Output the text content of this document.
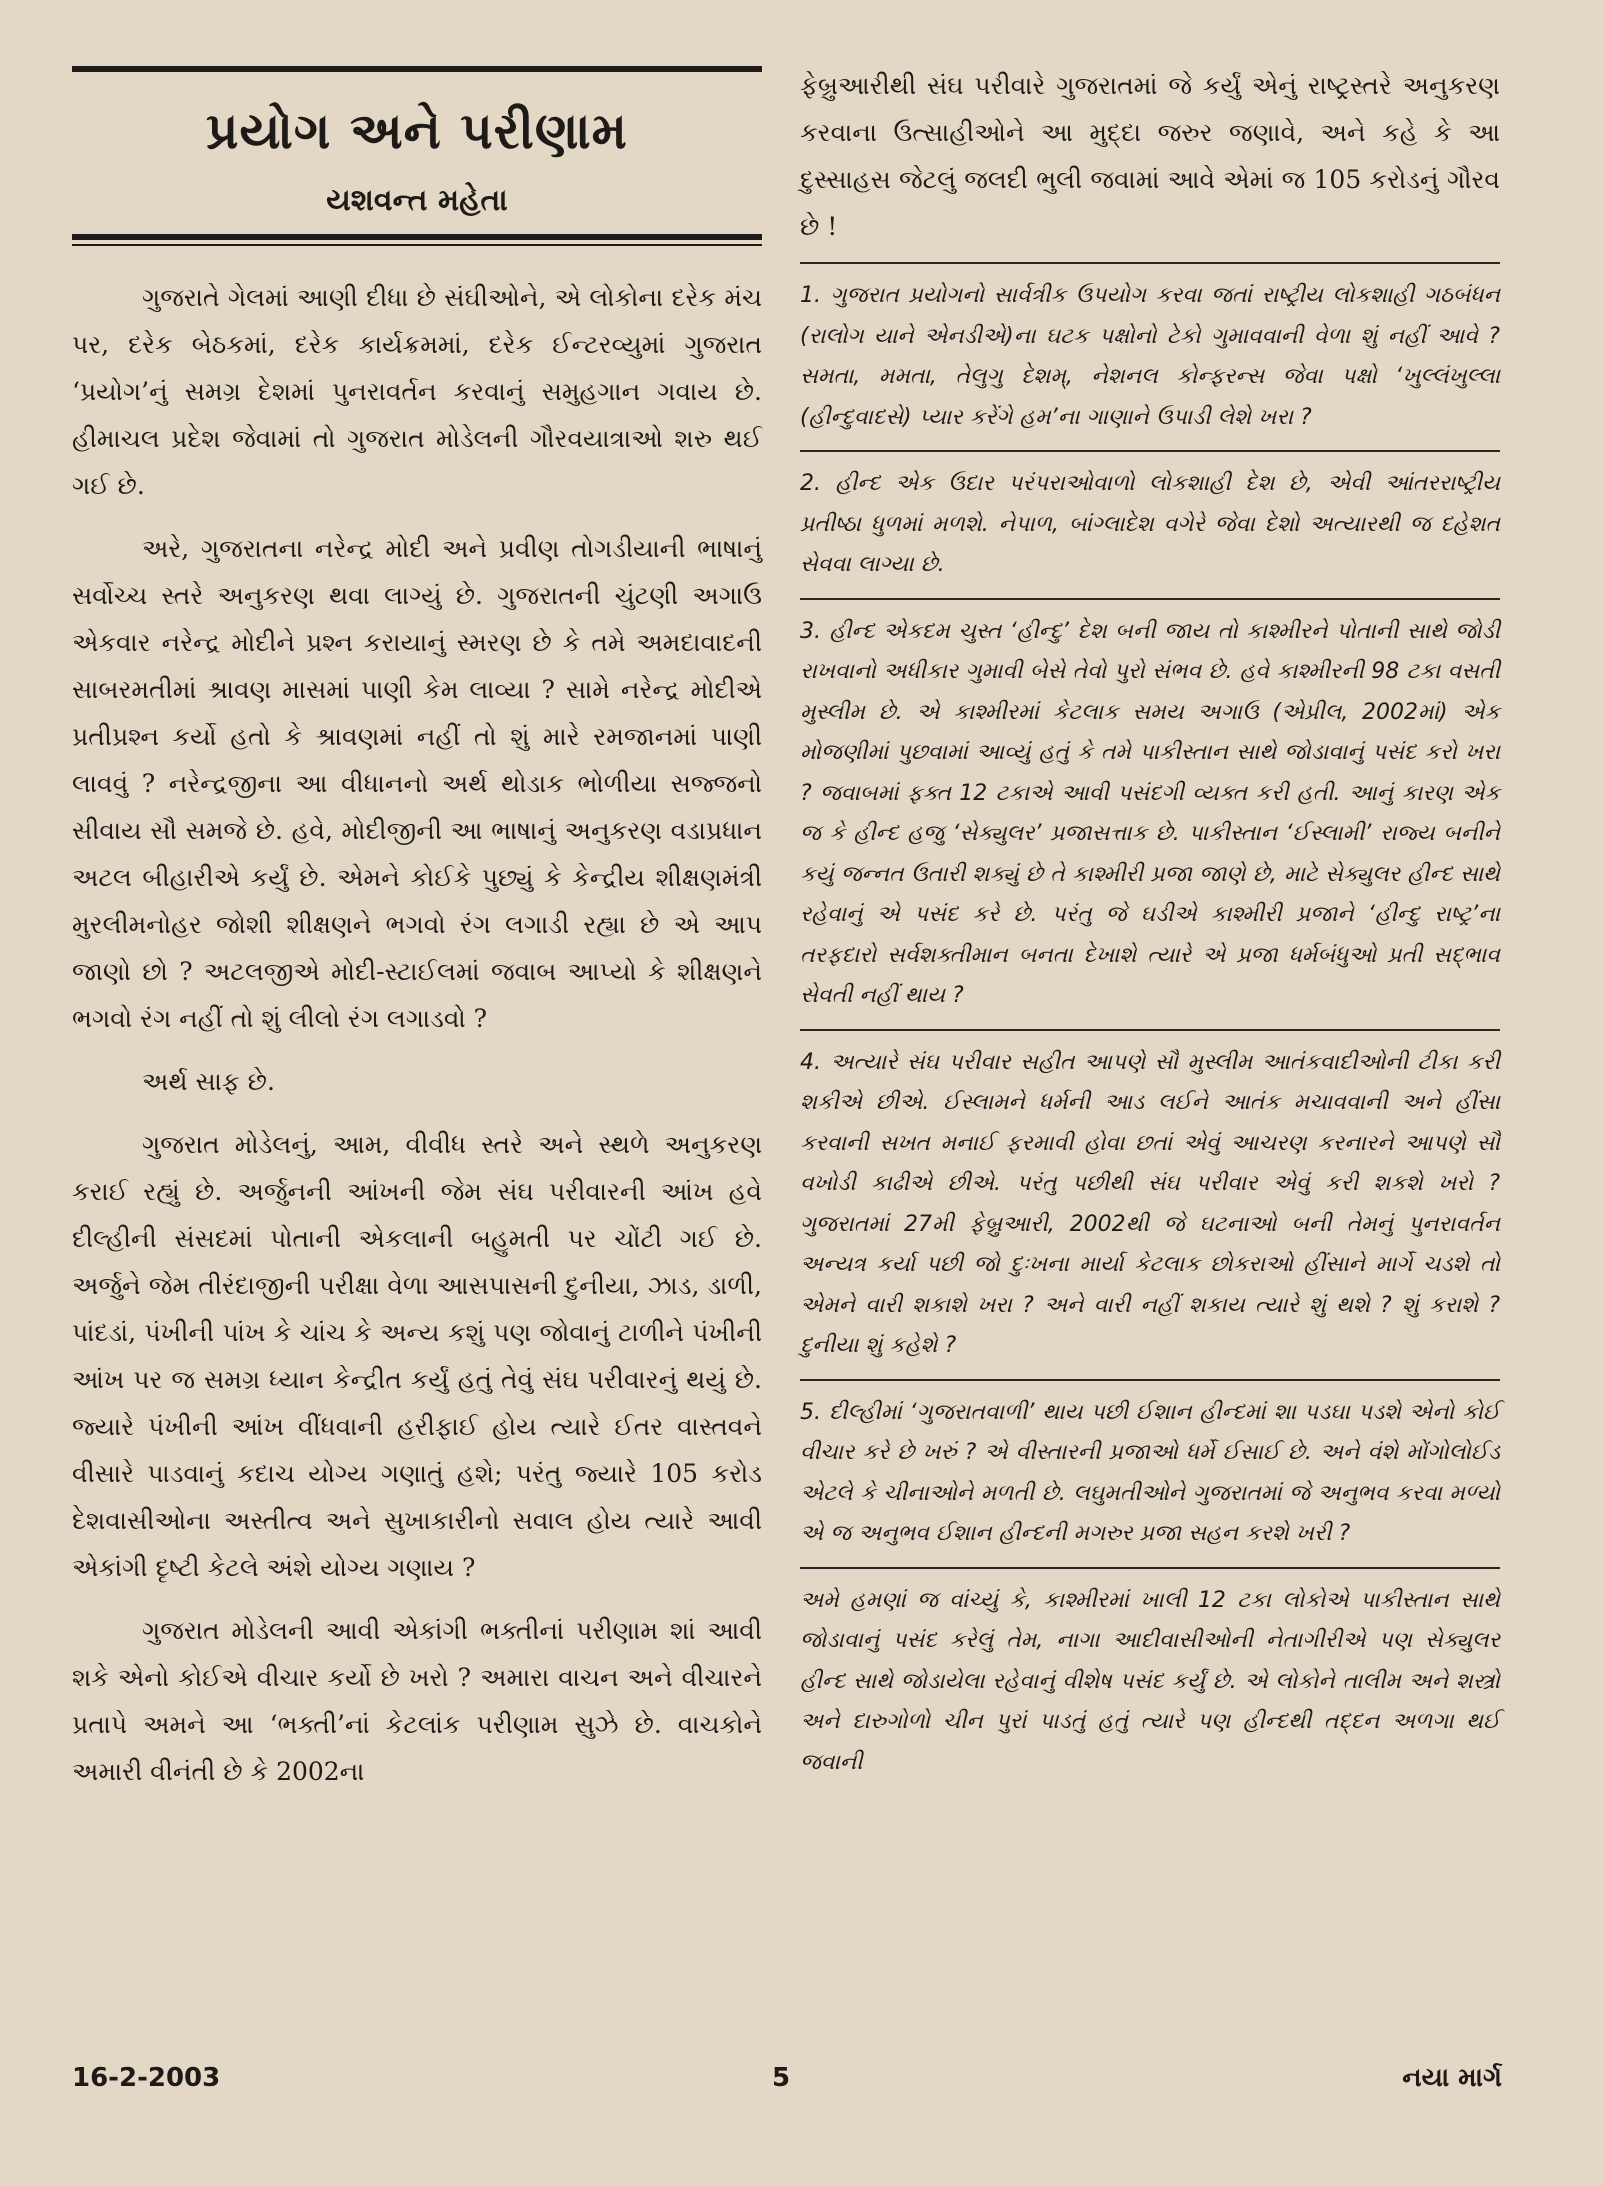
પ્રયોગ અને પરીણામ
યશવન્ત મહેતા

ગુજરાતે ગેલમાં આણી દીધા છે સંઘીઓને, એ લોકોના દરેક મંચ પર, દરેક બેઠકમાં, દરેક કાર્યક્રમમાં, દરેક ઈન્ટરવ્યુમાં ગુજરાત ‘પ્રયોગ’નું સમગ્ર દેશમાં પુનરાવર્તન કરવાનું સમુહગાન ગવાય છે. હીમાચલ પ્રદેશ જેવામાં તો ગુજરાત મોડેલની ગૌરવયાત્રાઓ શરુ થઈ ગઈ છે.

અરે, ગુજરાતના નરેન્દ્ર મોદી અને પ્રવીણ તોગડીયાની ભાષાનું સર્વોચ્ચ સ્તરે અનુકરણ થવા લાગ્યું છે. ગુજરાતની ચુંટણી અગાઉ એકવાર નરેન્દ્ર મોદીને પ્રશ્ન કરાયાનું સ્મરણ છે કે તમે અમદાવાદની સાબરમતીમાં શ્રાવણ માસમાં પાણી કેમ લાવ્યા ? સામે નરેન્દ્ર મોદીએ પ્રતીપ્રશ્ન કર્યો હતો કે શ્રાવણમાં નહીં તો શું મારે રમજાનમાં પાણી લાવવું ? નરેન્દ્રજીના આ વીધાનનો અર્થ થોડાક ભોળીયા સજ્જનો સીવાય સૌ સમજે છે. હવે, મોદીજીની આ ભાષાનું અનુકરણ વડાપ્રધાન અટલ બીહારીએ કર્યું છે. એમને કોઈકે પુછ્યું કે કેન્દ્રીય શીક્ષણમંત્રી મુરલીમનોહર જોશી શીક્ષણને ભગવો રંગ લગાડી રહ્યા છે એ આપ જાણો છો ? અટલજીએ મોદી-સ્ટાઈલમાં જવાબ આપ્યો કે શીક્ષણને ભગવો રંગ નહીં તો શું લીલો રંગ લગાડવો ?

અર્થ સાફ છે.

ગુજરાત મોડેલનું, આમ, વીવીધ સ્તરે અને સ્થળે અનુકરણ કરાઈ રહ્યું છે. અર્જુનની આંખની જેમ સંઘ પરીવારની આંખ હવે દીલ્હીની સંસદમાં પોતાની એકલાની બહુમતી પર ચોંટી ગઈ છે. અર્જુને જેમ તીરંદાજીની પરીક્ષા વેળા આસપાસની દુનીયા, ઝાડ, ડાળી, પાંદડાં, પંખીની પાંખ કે ચાંચ કે અન્ય કશું પણ જોવાનું ટાળીને પંખીની આંખ પર જ સમગ્ર ધ્યાન કેન્દ્રીત કર્યું હતું તેવું સંઘ પરીવારનું થયું છે. જ્યારે પંખીની આંખ વીંધવાની હરીફાઈ હોય ત્યારે ઈતર વાસ્તવને વીસારે પાડવાનું કદાચ યોગ્ય ગણાતું હશે; પરંતુ જ્યારે 105 કરોડ દેશવાસીઓના અસ્તીત્વ અને સુખાકારીનો સવાલ હોય ત્યારે આવી એકાંગી દૃષ્ટી કેટલે અંશે યોગ્ય ગણાય ?

ગુજરાત મોડેલની આવી એકાંગી ભક્તીનાં પરીણામ શાં આવી શકે એનો કોઈએ વીચાર કર્યો છે ખરો ? અમારા વાચન અને વીચારને પ્રતાપે અમને આ ‘ભક્તી’નાં કેટલાંક પરીણામ સુઝે છે. વાચકોને અમારી વીનંતી છે કે 2002ના

ફેબ્રુઆરીથી સંઘ પરીવારે ગુજરાતમાં જે કર્યું એનું રાષ્ટ્રસ્તરે અનુકરણ કરવાના ઉત્સાહીઓને આ મુદ્દા જરુર જણાવે, અને કહે કે આ દુસ્સાહસ જેટલું જલદી ભુલી જવામાં આવે એમાં જ 105 કરોડનું ગૌરવ છે !

1. ગુજરાત પ્રયોગનો સાર્વત્રીક ઉપયોગ કરવા જતાં રાષ્ટ્રીય લોકશાહી ગઠબંધન (રાલોગ યાને એનડીએ)ના ઘટક પક્ષોનો ટેકો ગુમાવવાની વેળા શું નહીં આવે ? સમતા, મમતા, તેલુગુ દેશમ્, નેશનલ કોન્ફરન્સ જેવા પક્ષો ‘ખુલ્લંખુલ્લા (હીન્દુવાદસે) પ્યાર કરેંગે હમ’ના ગાણાને ઉપાડી લેશે ખરા ?

2. હીન્દ એક ઉદાર પરંપરાઓવાળો લોકશાહી દેશ છે, એવી આંતરરાષ્ટ્રીય પ્રતીષ્ઠા ધુળમાં મળશે. નેપાળ, બાંગ્લાદેશ વગેરે જેવા દેશો અત્યારથી જ દહેશત સેવવા લાગ્યા છે.

3. હીન્દ એકદમ ચુસ્ત ‘હીન્દુ’ દેશ બની જાય તો કાશ્મીરને પોતાની સાથે જોડી રાખવાનો અધીકાર ગુમાવી બેસે તેવો પુરો સંભવ છે. હવે કાશ્મીરની 98 ટકા વસતી મુસ્લીમ છે. એ કાશ્મીરમાં કેટલાક સમય અગાઉ (એપ્રીલ, 2002માં) એક મોજણીમાં પુછવામાં આવ્યું હતું કે તમે પાકીસ્તાન સાથે જોડાવાનું પસંદ કરો ખરા ? જવાબમાં ફક્ત 12 ટકાએ આવી પસંદગી વ્યક્ત કરી હતી. આનું કારણ એક જ કે હીન્દ હજુ ‘સેક્યુલર’ પ્રજાસત્તાક છે. પાકીસ્તાન ‘ઈસ્લામી’ રાજ્ય બનીને કયું જન્નત ઉતારી શક્યું છે તે કાશ્મીરી પ્રજા જાણે છે, માટે સેક્યુલર હીન્દ સાથે રહેવાનું એ પસંદ કરે છે. પરંતુ જે ઘડીએ કાશ્મીરી પ્રજાને ‘હીન્દુ રાષ્ટ્ર’ના તરફદારો સર્વશક્તીમાન બનતા દેખાશે ત્યારે એ પ્રજા ધર્મબંધુઓ પ્રતી સદ્ભાવ સેવતી નહીં થાય ?

4. અત્યારે સંઘ પરીવાર સહીત આપણે સૌ મુસ્લીમ આતંકવાદીઓની ટીકા કરી શકીએ છીએ. ઈસ્લામને ધર્મની આડ લઈને આતંક મચાવવાની અને હીંસા કરવાની સખત મનાઈ ફરમાવી હોવા છતાં એવું આચરણ કરનારને આપણે સૌ વખોડી કાઢીએ છીએ. પરંતુ પછીથી સંઘ પરીવાર એવું કરી શકશે ખરો ? ગુજરાતમાં 27મી ફેબ્રુઆરી, 2002થી જે ઘટનાઓ બની તેમનું પુનરાવર્તન અન્યત્ર કર્યા પછી જો દુઃખના માર્યા કેટલાક છોકરાઓ હીંસાને માર્ગે ચડશે તો એમને વારી શકાશે ખરા ? અને વારી નહીં શકાય ત્યારે શું થશે ? શું કરાશે ? દુનીયા શું કહેશે ?

5. દીલ્હીમાં ‘ગુજરાતવાળી’ થાય પછી ઈશાન હીન્દમાં શા પડઘા પડશે એનો કોઈ વીચાર કરે છે ખરું ? એ વીસ્તારની પ્રજાઓ ધર્મે ઈસાઈ છે. અને વંશે મોંગોલોઈડ એટલે કે ચીનાઓને મળતી છે. લઘુમતીઓને ગુજરાતમાં જે અનુભવ કરવા મળ્યો એ જ અનુભવ ઈશાન હીન્દની મગરુર પ્રજા સહન કરશે ખરી ?

અમે હમણાં જ વાંચ્યું કે, કાશ્મીરમાં ખાલી 12 ટકા લોકોએ પાકીસ્તાન સાથે જોડાવાનું પસંદ કરેલું તેમ, નાગા આદીવાસીઓની નેતાગીરીએ પણ સેક્યુલર હીન્દ સાથે જોડાયેલા રહેવાનું વીશેષ પસંદ કર્યું છે. એ લોકોને તાલીમ અને શસ્ત્રો અને દારુગોળો ચીન પુરાં પાડતું હતું ત્યારે પણ હીન્દથી તદ્દન અળગા થઈ જવાની

16-2-2003	5	નયા માર્ગ
